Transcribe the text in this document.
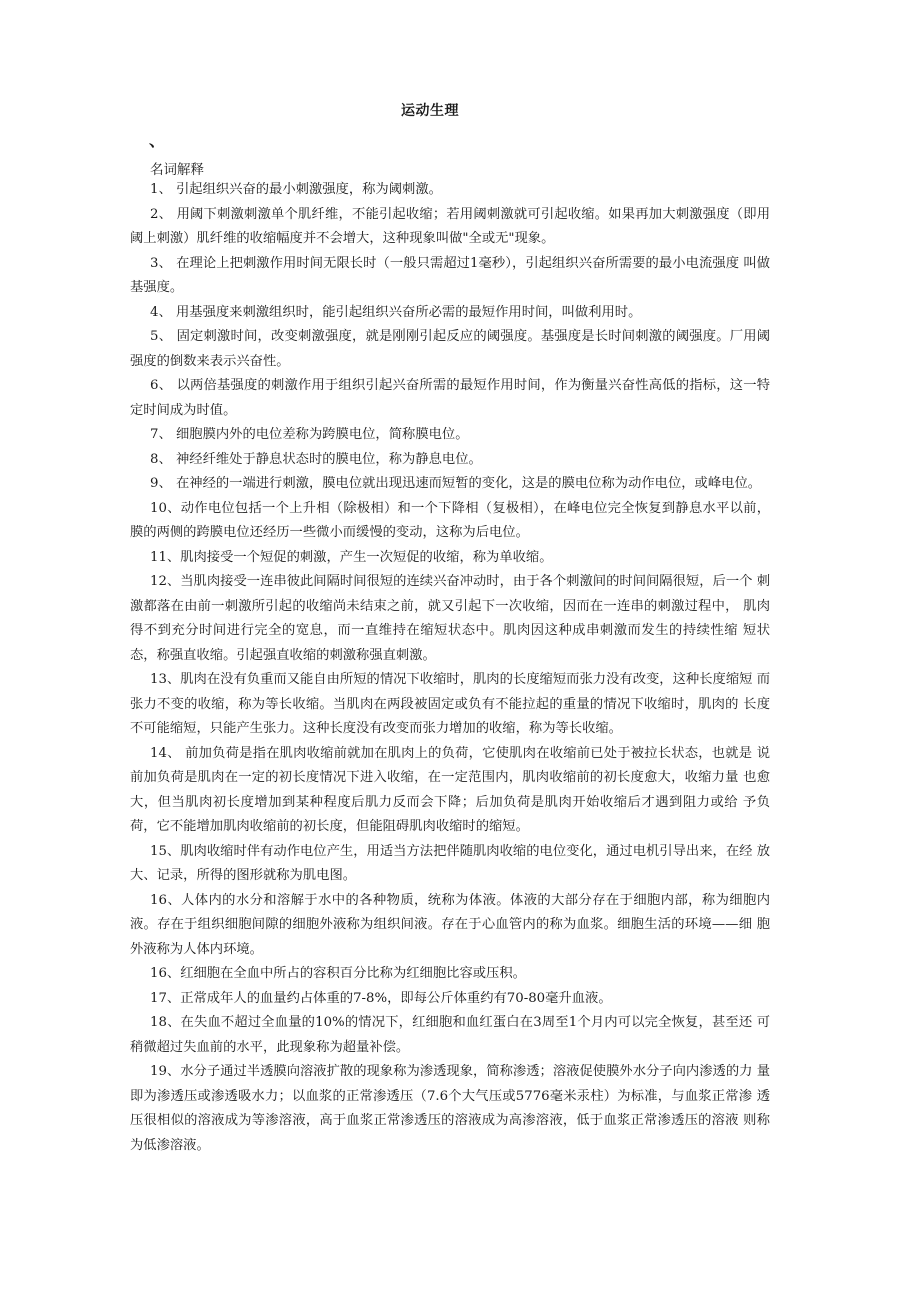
运动生理
、
名词解释

1、 引起组织兴奋的最小刺激强度，称为阈刺激。

2、 用阈下刺激刺激单个肌纤维，不能引起收缩；若用阈刺激就可引起收缩。如果再加大刺激强度（即用 阈上刺激）肌纤维的收缩幅度并不会增大，这种现象叫做"全或无"现象。

3、 在理论上把刺激作用时间无限长时（一般只需超过1毫秒），引起组织兴奋所需要的最小电流强度 叫做基强度。

4、 用基强度来刺激组织时，能引起组织兴奋所必需的最短作用时间，叫做利用时。

5、 固定刺激时间，改变刺激强度，就是刚刚引起反应的阈强度。基强度是长时间刺激的阈强度。厂用阈 强度的倒数来表示兴奋性。

6、 以两倍基强度的刺激作用于组织引起兴奋所需的最短作用时间，作为衡量兴奋性高低的指标，这一特 定时间成为时值。

7、 细胞膜内外的电位差称为跨膜电位，简称膜电位。

8、 神经纤维处于静息状态时的膜电位，称为静息电位。

9、 在神经的一端进行刺激，膜电位就出现迅速而短暂的变化，这是的膜电位称为动作电位，或峰电位。

10、动作电位包括一个上升相（除极相）和一个下降相（复极相），在峰电位完全恢复到静息水平以前， 膜的两侧的跨膜电位还经历一些微小而缓慢的变动，这称为后电位。

11、肌肉接受一个短促的刺激，产生一次短促的收缩，称为单收缩。

12、当肌肉接受一连串彼此间隔时间很短的连续兴奋冲动时，由于各个刺激间的时间间隔很短，后一个 刺激都落在由前一刺激所引起的收缩尚未结束之前，就又引起下一次收缩，因而在一连串的刺激过程中， 肌肉得不到充分时间进行完全的宽息，而一直维持在缩短状态中。肌肉因这种成串刺激而发生的持续性缩 短状态，称强直收缩。引起强直收缩的刺激称强直刺激。

13、肌肉在没有负重而又能自由所短的情况下收缩时，肌肉的长度缩短而张力没有改变，这种长度缩短 而张力不变的收缩，称为等长收缩。当肌肉在两段被固定或负有不能拉起的重量的情况下收缩时，肌肉的 长度不可能缩短，只能产生张力。这种长度没有改变而张力增加的收缩，称为等长收缩。

14、 前加负荷是指在肌肉收缩前就加在肌肉上的负荷，它使肌肉在收缩前已处于被拉长状态，也就是 说前加负荷是肌肉在一定的初长度情况下进入收缩，在一定范围内，肌肉收缩前的初长度愈大，收缩力量 也愈大，但当肌肉初长度增加到某种程度后肌力反而会下降；后加负荷是肌肉开始收缩后才遇到阻力或给 予负荷，它不能增加肌肉收缩前的初长度，但能阻碍肌肉收缩时的缩短。

15、肌肉收缩时伴有动作电位产生，用适当方法把伴随肌肉收缩的电位变化，通过电机引导出来，在经 放大、记录，所得的图形就称为肌电图。

16、人体内的水分和溶解于水中的各种物质，统称为体液。体液的大部分存在于细胞内部，称为细胞内 液。存在于组织细胞间隙的细胞外液称为组织间液。存在于心血管内的称为血浆。细胞生活的环境——细 胞外液称为人体内环境。

16、红细胞在全血中所占的容积百分比称为红细胞比容或压积。

17、正常成年人的血量约占体重的7-8%，即每公斤体重约有70-80毫升血液。

18、在失血不超过全血量的10%的情况下，红细胞和血红蛋白在3周至1个月内可以完全恢复，甚至还 可稍微超过失血前的水平，此现象称为超量补偿。

19、水分子通过半透膜向溶液扩散的现象称为渗透现象，简称渗透；溶液促使膜外水分子向内渗透的力 量即为渗透压或渗透吸水力；以血浆的正常渗透压（7.6个大气压或5776毫米汞柱）为标准，与血浆正常渗 透压很相似的溶液成为等渗溶液，高于血浆正常渗透压的溶液成为高渗溶液，低于血浆正常渗透压的溶液 则称为低渗溶液。
